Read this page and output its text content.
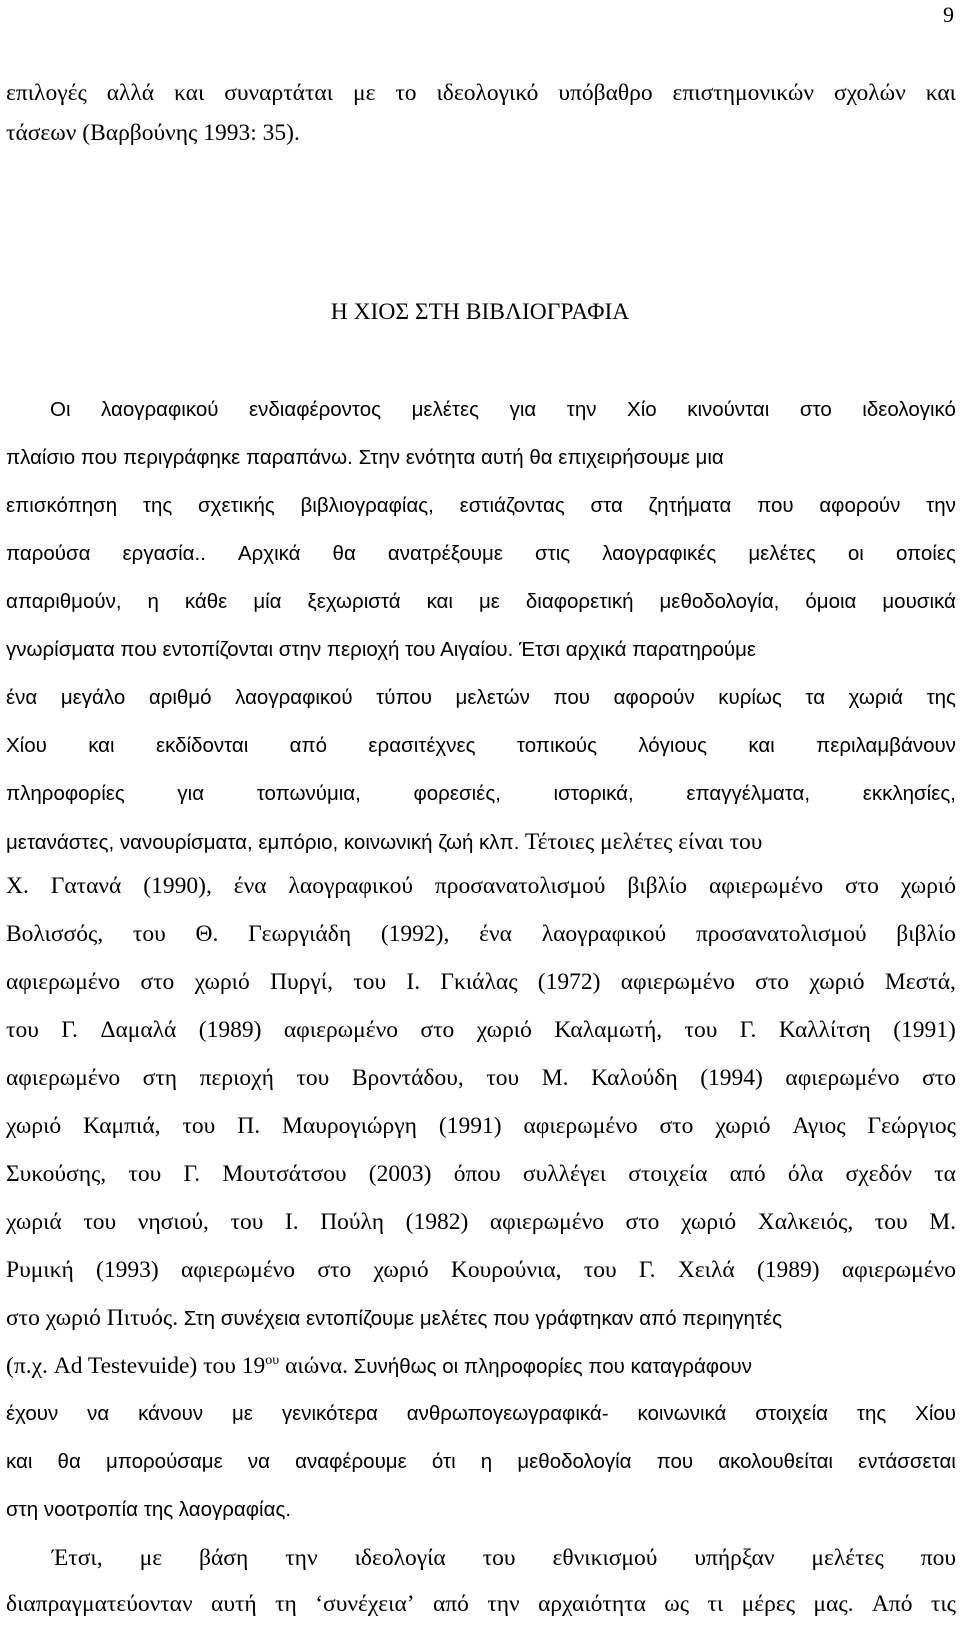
9
επιλογές αλλά και συναρτάται με το ιδεολογικό υπόβαθρο επιστημονικών σχολών και
τάσεων (Βαρβούνης 1993: 35).
Η ΧΙΟΣ ΣΤΗ ΒΙΒΛΙΟΓΡΑΦΙΑ
Οι λαογραφικού ενδιαφέροντος μελέτες για την Χίο κινούνται στο ιδεολογικό
πλαίσιο που περιγράφηκε παραπάνω. Στην ενότητα αυτή θα επιχειρήσουμε μια
επισκόπηση της σχετικής βιβλιογραφίας, εστιάζοντας στα ζητήματα που αφορούν την
παρούσα εργασία.. Αρχικά θα ανατρέξουμε στις λαογραφικές μελέτες οι οποίες
απαριθμούν, η κάθε μία ξεχωριστά και με διαφορετική μεθοδολογία, όμοια μουσικά
γνωρίσματα που εντοπίζονται στην περιοχή του Αιγαίου. Έτσι αρχικά παρατηρούμε
ένα μεγάλο αριθμό λαογραφικού τύπου μελετών που αφορούν κυρίως τα χωριά της
Χίου και εκδίδονται από ερασιτέχνες τοπικούς λόγιους και περιλαμβάνουν
πληροφορίες	για	τοπωνύμια,	φορεσιές,	ιστορικά,	επαγγέλματα,	εκκλησίες,
μετανάστες, νανουρίσματα, εμπόριο, κοινωνική ζωή κλπ. Τέτοιες μελέτες είναι του
Χ. Γατανά (1990), ένα λαογραφικού προσανατολισμού βιβλίο αφιερωμένο στο χωριό
Βολισσός, του Θ. Γεωργιάδη (1992), ένα λαογραφικού προσανατολισμού βιβλίο
αφιερωμένο στο χωριό Πυργί, του Ι. Γκιάλας (1972) αφιερωμένο στο χωριό Μεστά,
του Γ. Δαμαλά (1989) αφιερωμένο στο χωριό Καλαμωτή, του Γ. Καλλίτση (1991)
αφιερωμένο στη περιοχή του Βροντάδου, του Μ. Καλούδη (1994) αφιερωμένο στο
χωριό Καμπιά, του Π. Μαυρογιώργη (1991) αφιερωμένο στο χωριό Αγιος Γεώργιος
Συκούσης, του Γ. Μουτσάτσου (2003) όπου συλλέγει στοιχεία από όλα σχεδόν τα
χωριά του νησιού, του Ι. Πούλη (1982) αφιερωμένο στο χωριό Χαλκειός, του Μ.
Ρυμική (1993) αφιερωμένο στο χωριό Κουρούνια, του Γ. Χειλά (1989) αφιερωμένο
στο χωριό Πιτυός. Στη συνέχεια εντοπίζουμε μελέτες που γράφτηκαν από περιηγητές
(π.χ. Ad Testevuide) του $19^{o\upsilon}$ αιώνα. Συνήθως οι πληροφορίες που καταγράφουν
έχουν να κάνουν με γενικότερα ανθρωπογεωγραφικά- κοινωνικά στοιχεία της Χίου
και θα μπορούσαμε να αναφέρουμε ότι η μεθοδολογία που ακολουθείται εντάσσεται
στη νοοτροπία της λαογραφίας.
Έτσι, με βάση την ιδεολογία του εθνικισμού υπήρξαν μελέτες που
διαπραγματεύονταν αυτή τη ‘συνέχεια’ από την αρχαιότητα ως τι μέρες μας. Από τις
